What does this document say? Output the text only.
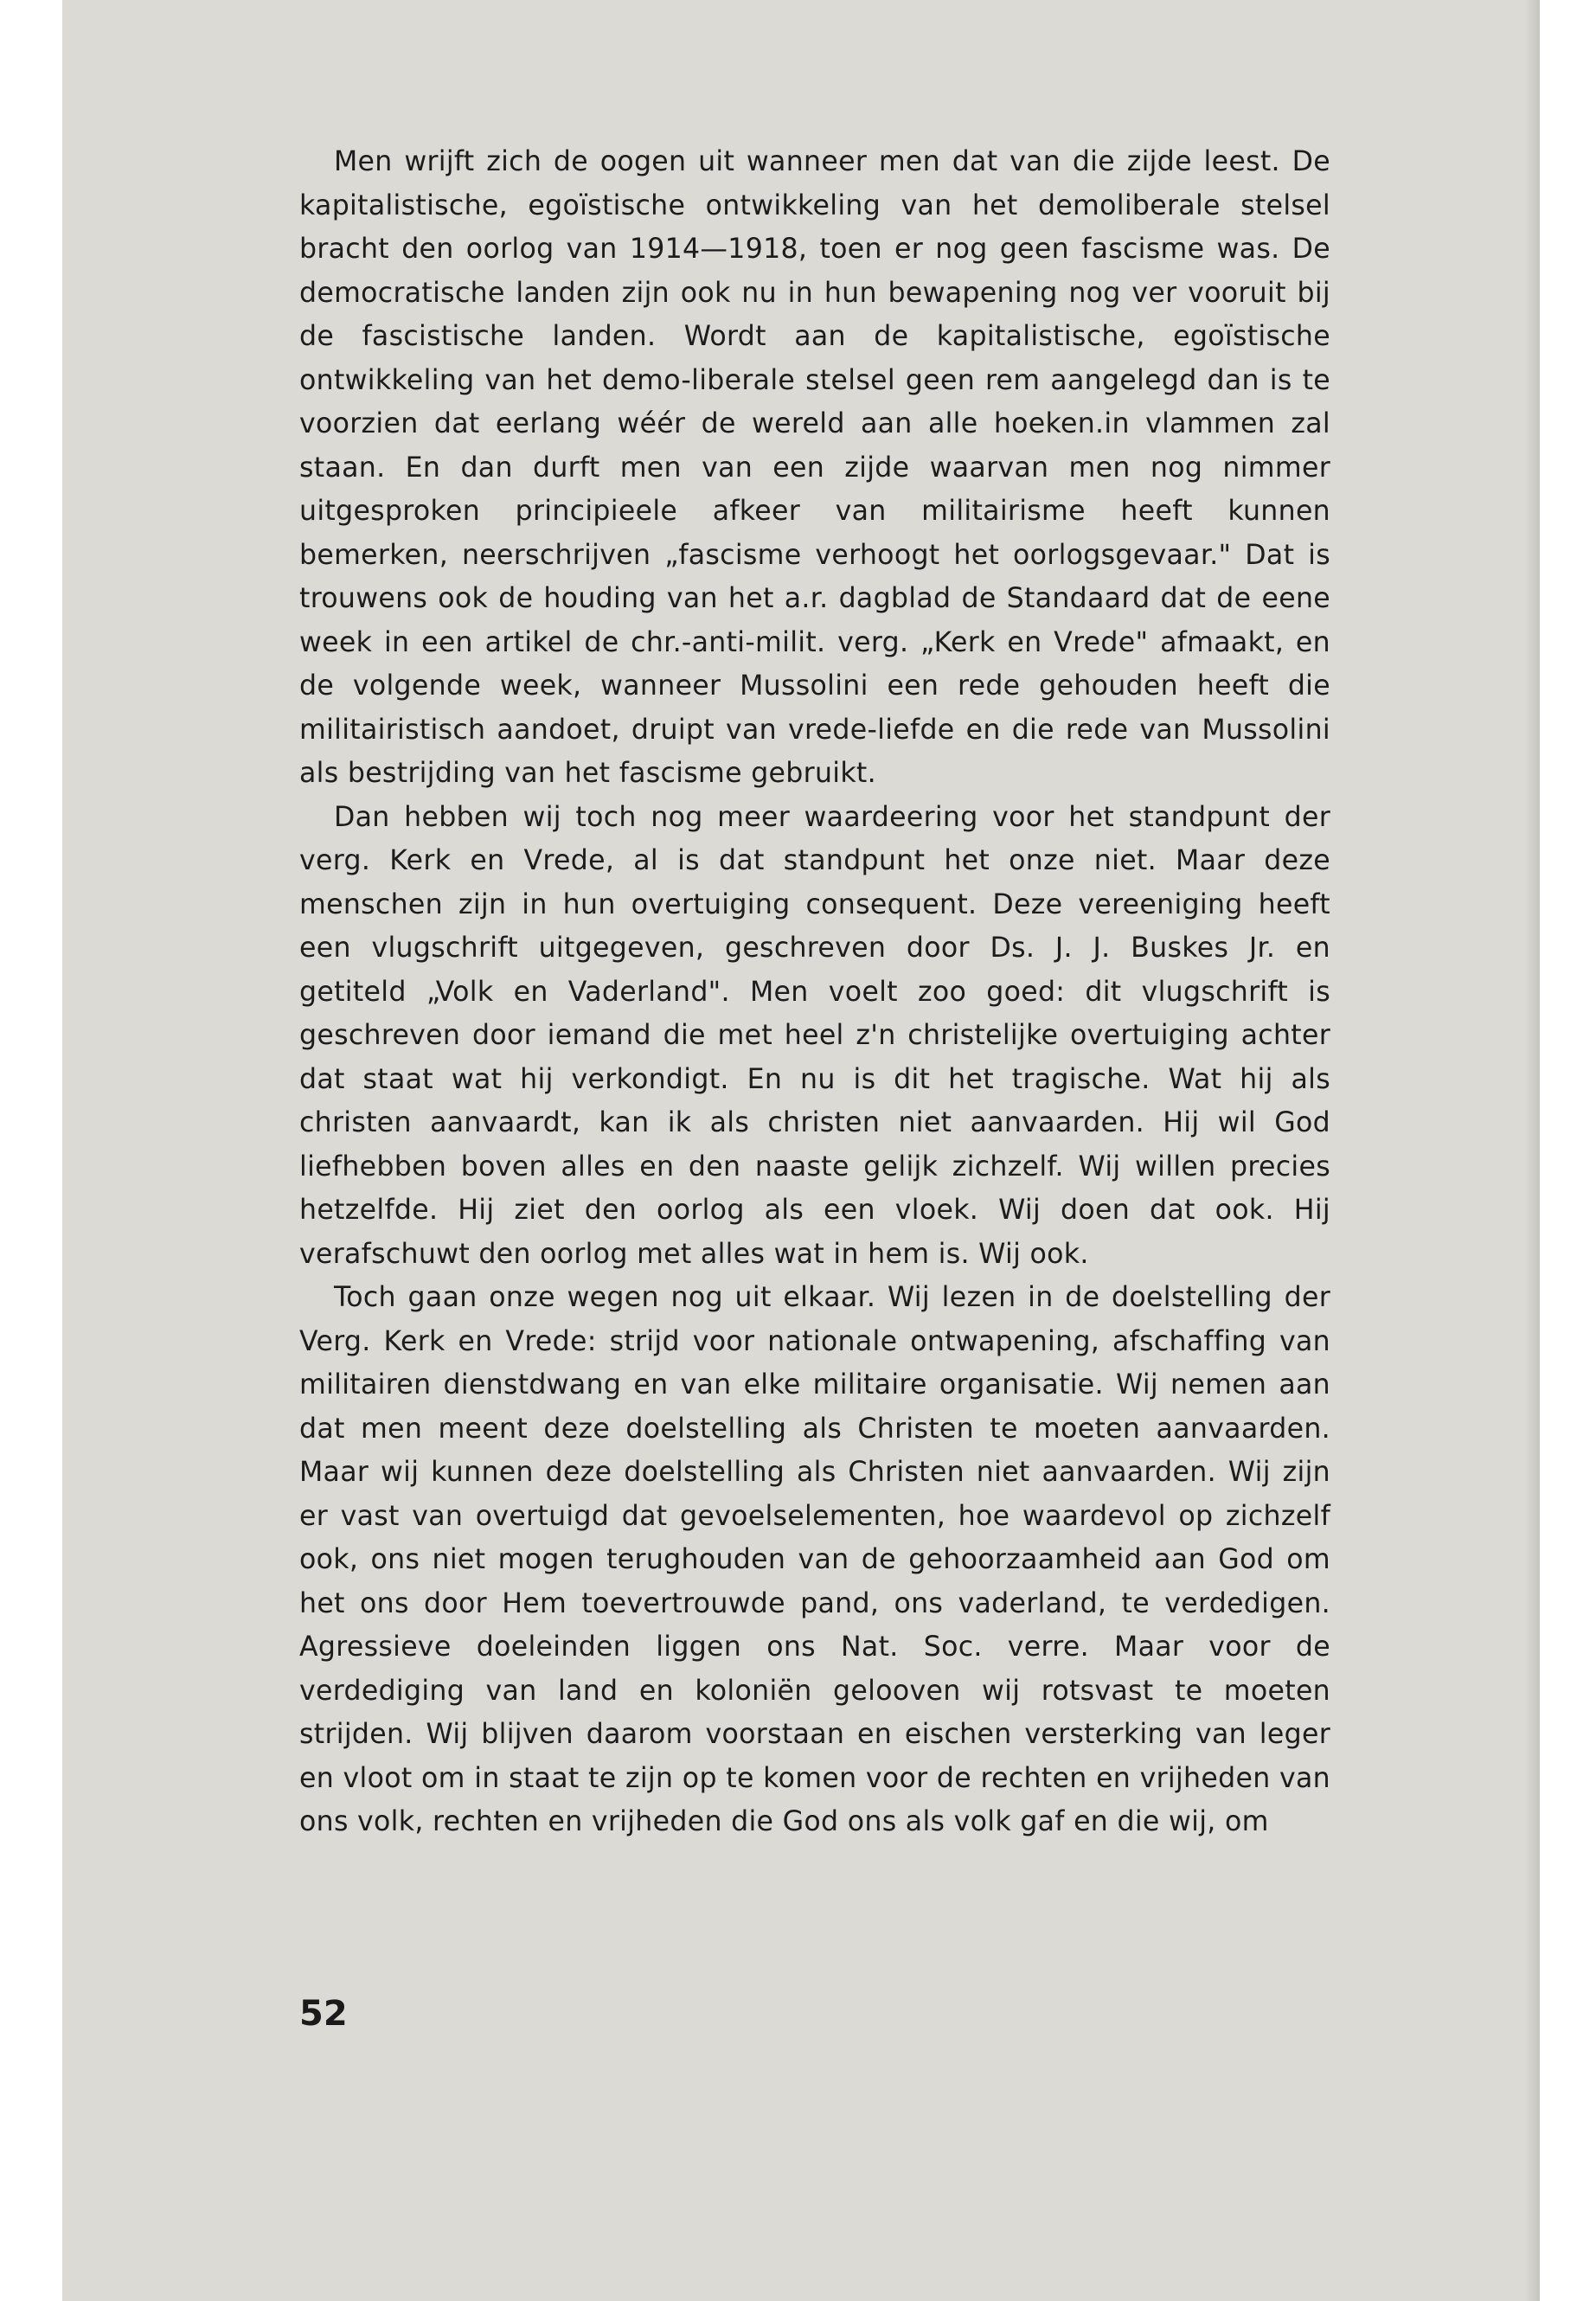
Men wrijft zich de oogen uit wanneer men dat van die zijde leest. De kapitalistische, egoïstische ontwikkeling van het demoliberale stelsel bracht den oorlog van 1914—1918, toen er nog geen fascisme was. De democratische landen zijn ook nu in hun bewapening nog ver vooruit bij de fascistische landen. Wordt aan de kapitalistische, egoïstische ontwikkeling van het demo-liberale stelsel geen rem aangelegd dan is te voorzien dat eerlang wéér de wereld aan alle hoeken.in vlammen zal staan. En dan durft men van een zijde waarvan men nog nimmer uitgesproken principieele afkeer van militairisme heeft kunnen bemerken, neerschrijven „fascisme verhoogt het oorlogsgevaar." Dat is trouwens ook de houding van het a.r. dagblad de Standaard dat de eene week in een artikel de chr.-anti-milit. verg. „Kerk en Vrede" afmaakt, en de volgende week, wanneer Mussolini een rede gehouden heeft die militairistisch aandoet, druipt van vrede-liefde en die rede van Mussolini als bestrijding van het fascisme gebruikt.

Dan hebben wij toch nog meer waardeering voor het standpunt der verg. Kerk en Vrede, al is dat standpunt het onze niet. Maar deze menschen zijn in hun overtuiging consequent. Deze vereeniging heeft een vlugschrift uitgegeven, geschreven door Ds. J. J. Buskes Jr. en getiteld „Volk en Vaderland". Men voelt zoo goed: dit vlugschrift is geschreven door iemand die met heel z'n christelijke overtuiging achter dat staat wat hij verkondigt. En nu is dit het tragische. Wat hij als christen aanvaardt, kan ik als christen niet aanvaarden. Hij wil God liefhebben boven alles en den naaste gelijk zichzelf. Wij willen precies hetzelfde. Hij ziet den oorlog als een vloek. Wij doen dat ook. Hij verafschuwt den oorlog met alles wat in hem is. Wij ook.

Toch gaan onze wegen nog uit elkaar. Wij lezen in de doelstelling der Verg. Kerk en Vrede: strijd voor nationale ontwapening, afschaffing van militairen dienstdwang en van elke militaire organisatie. Wij nemen aan dat men meent deze doelstelling als Christen te moeten aanvaarden. Maar wij kunnen deze doelstelling als Christen niet aanvaarden. Wij zijn er vast van overtuigd dat gevoelselementen, hoe waardevol op zichzelf ook, ons niet mogen terughouden van de gehoorzaamheid aan God om het ons door Hem toevertrouwde pand, ons vaderland, te verdedigen. Agressieve doeleinden liggen ons Nat. Soc. verre. Maar voor de verdediging van land en koloniën gelooven wij rotsvast te moeten strijden. Wij blijven daarom voorstaan en eischen versterking van leger en vloot om in staat te zijn op te komen voor de rechten en vrijheden van ons volk, rechten en vrijheden die God ons als volk gaf en die wij, om

52
